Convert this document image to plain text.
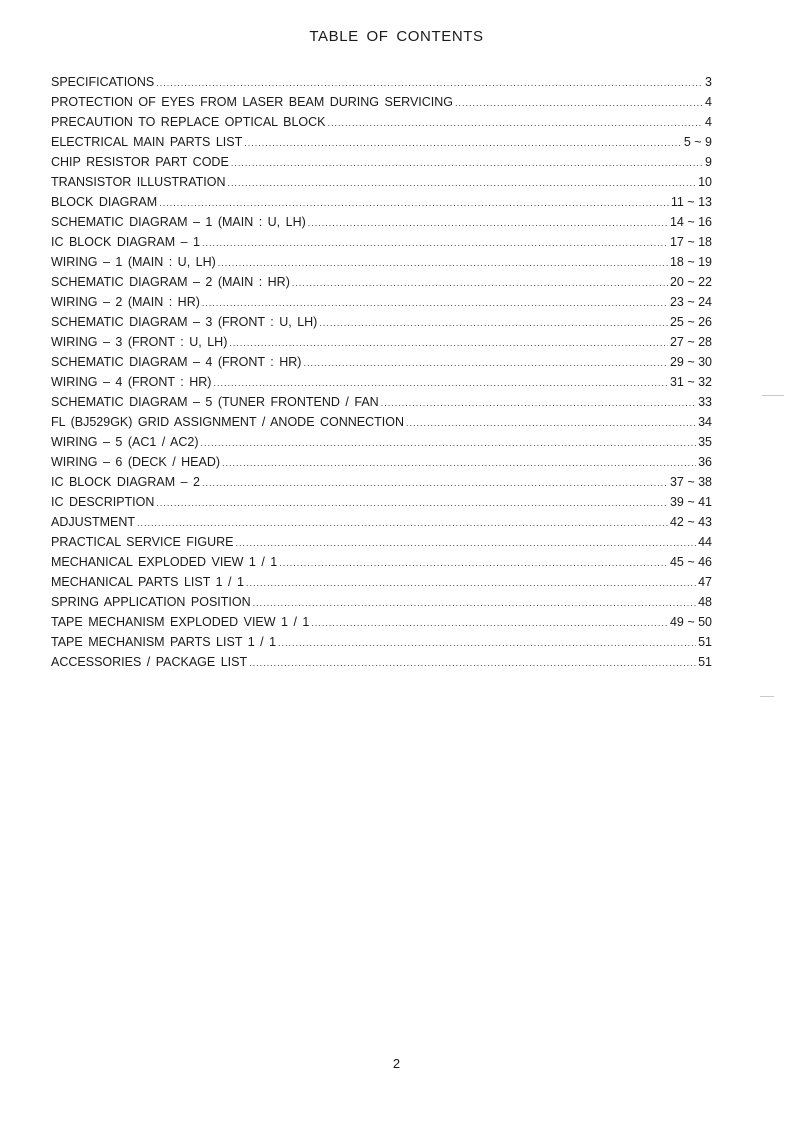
TABLE OF CONTENTS
SPECIFICATIONS .....	3
PROTECTION OF EYES FROM LASER BEAM DURING SERVICING .....	4
PRECAUTION TO REPLACE OPTICAL BLOCK .....	4
ELECTRICAL MAIN PARTS LIST .....	5 ~ 9
CHIP RESISTOR PART CODE .....	9
TRANSISTOR ILLUSTRATION .....	10
BLOCK DIAGRAM .....	11 ~ 13
SCHEMATIC DIAGRAM – 1 (MAIN : U, LH) .....	14 ~ 16
IC BLOCK DIAGRAM – 1 .....	17 ~ 18
WIRING – 1 (MAIN : U, LH) .....	18 ~ 19
SCHEMATIC DIAGRAM – 2 (MAIN : HR) .....	20 ~ 22
WIRING – 2 (MAIN : HR) .....	23 ~ 24
SCHEMATIC DIAGRAM – 3 (FRONT : U, LH) .....	25 ~ 26
WIRING – 3 (FRONT : U, LH) .....	27 ~ 28
SCHEMATIC DIAGRAM – 4 (FRONT : HR) .....	29 ~ 30
WIRING – 4 (FRONT : HR) .....	31 ~ 32
SCHEMATIC DIAGRAM – 5 (TUNER FRONTEND / FAN .....	33
FL (BJ529GK) GRID ASSIGNMENT / ANODE CONNECTION .....	34
WIRING – 5 (AC1 / AC2) .....	35
WIRING – 6 (DECK / HEAD) .....	36
IC BLOCK DIAGRAM – 2 .....	37 ~ 38
IC DESCRIPTION .....	39 ~ 41
ADJUSTMENT .....	42 ~ 43
PRACTICAL SERVICE FIGURE .....	44
MECHANICAL EXPLODED VIEW 1 / 1 .....	45 ~ 46
MECHANICAL PARTS LIST 1 / 1 .....	47
SPRING APPLICATION POSITION .....	48
TAPE MECHANISM EXPLODED VIEW 1 / 1 .....	49 ~ 50
TAPE MECHANISM PARTS LIST 1 / 1 .....	51
ACCESSORIES / PACKAGE LIST .....	51
2
